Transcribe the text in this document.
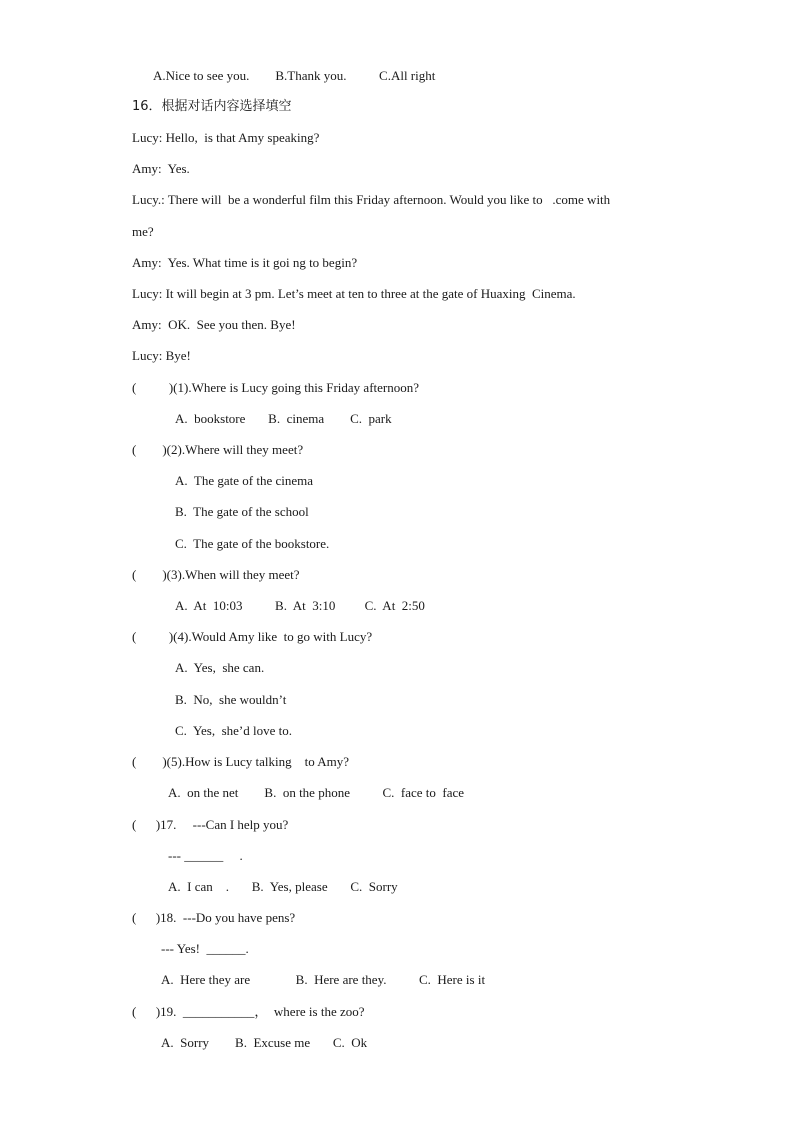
A.Nice to see you.        B.Thank you.          C.All right
16．根据对话内容选择填空
Lucy: Hello,  is that Amy speaking?
Amy:  Yes.
Lucy.: There will  be a wonderful film this Friday afternoon. Would you like to   .come with
me?
Amy:  Yes. What time is it goi ng to begin?
Lucy: It will begin at 3 pm. Let’s meet at ten to three at the gate of Huaxing  Cinema.
Amy:  OK.  See you then. Bye!
Lucy: Bye!
(          )(1).Where is Lucy going this Friday afternoon?
A.  bookstore       B.  cinema        C.  park
(        )(2).Where will they meet?
A.  The gate of the cinema
B.  The gate of the school
C.  The gate of the bookstore.
(        )(3).When will they meet?
A.  At  10:03          B.  At  3:10         C.  At  2:50
(          )(4).Would Amy like  to go with Lucy?
A.  Yes,  she can.
B.  No,  she wouldn’t
C.  Yes,  she’d love to.
(        )(5).How is Lucy talking    to Amy?
A.  on the net        B.  on the phone          C.  face to  face
(      )17.     ---Can I help you?
--- ______     .
A.  I can    .       B.  Yes, please       C.  Sorry
(      )18.  ---Do you have pens?
--- Yes!  ______.
A.  Here they are              B.  Here are they.          C.  Here is it
(      )19.  ___________，  where is the zoo?
A.  Sorry        B.  Excuse me       C.  Ok
